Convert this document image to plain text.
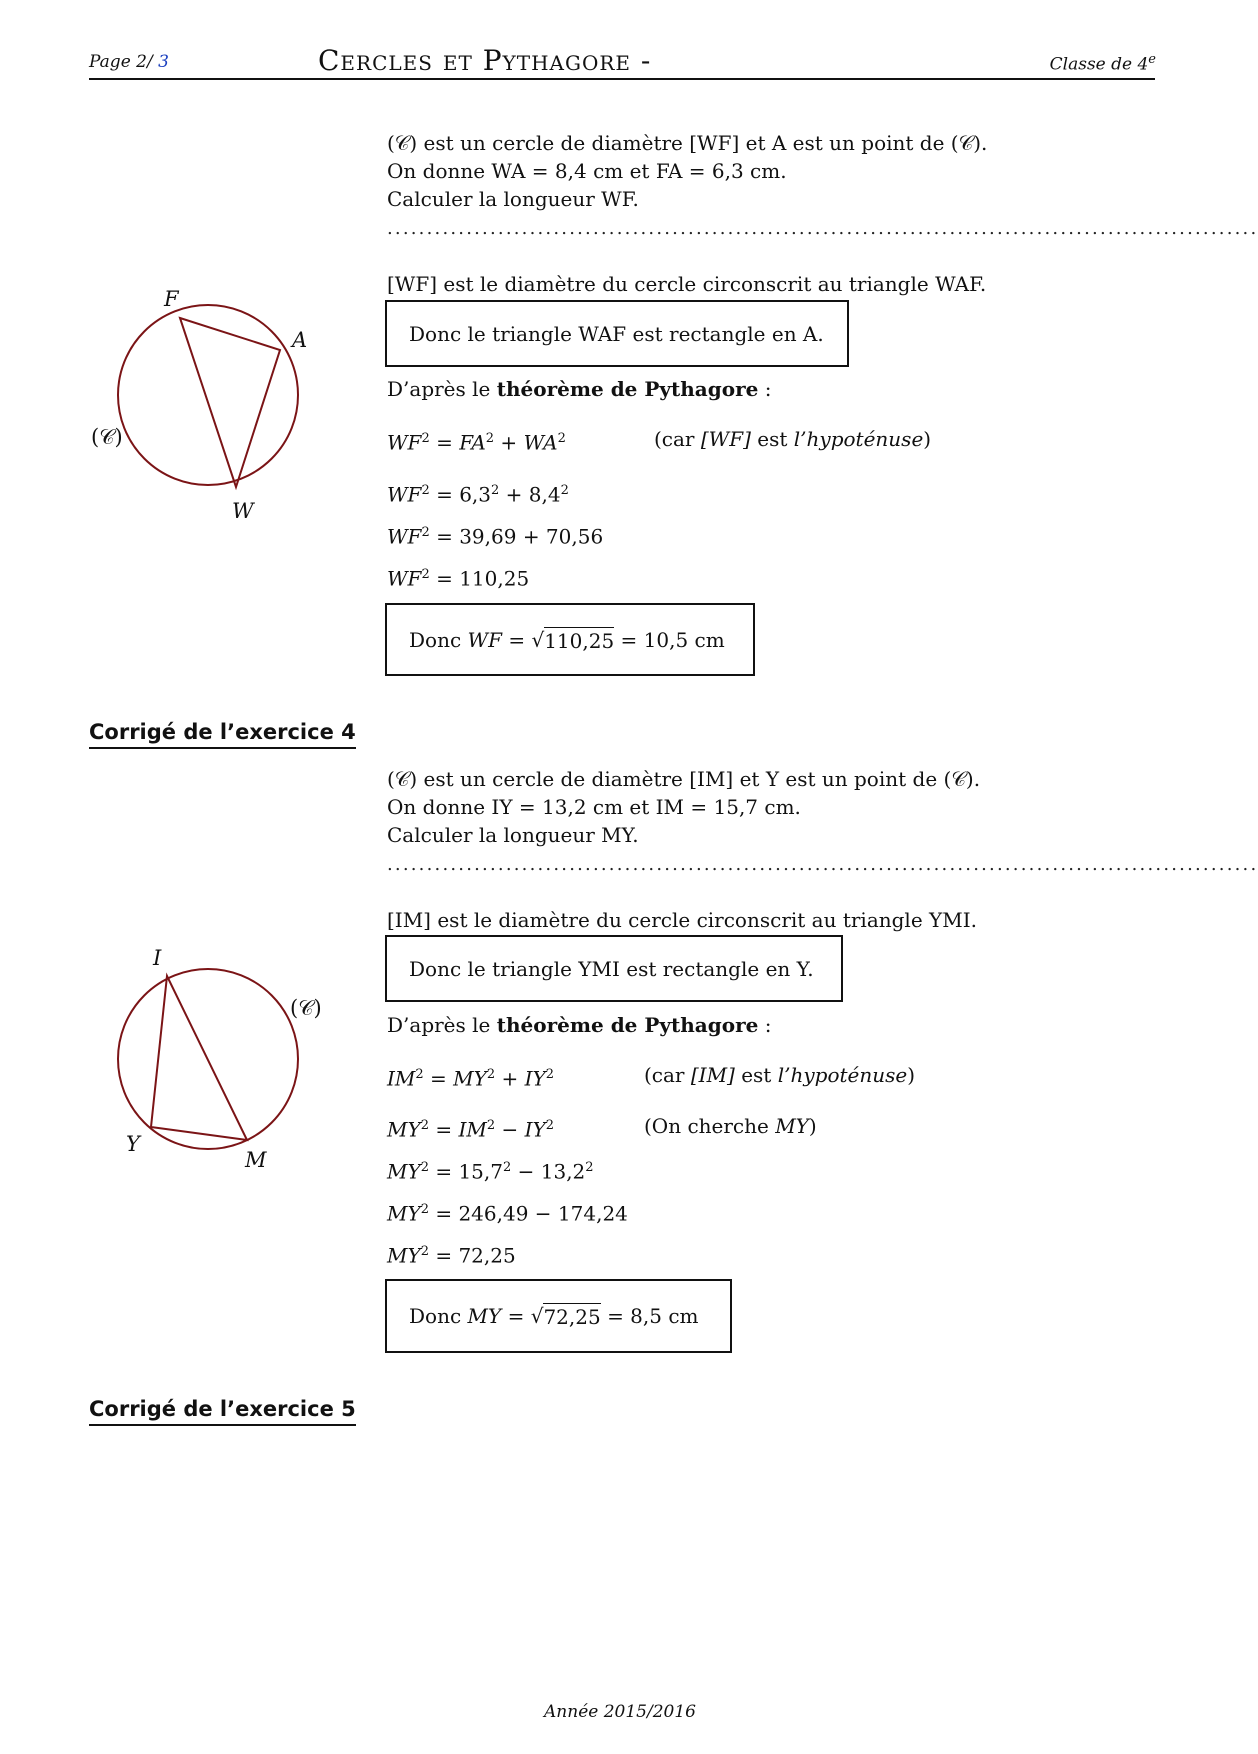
Page 2/ 3	Cercles et Pythagore -	Classe de 4e
(𝒞) est un cercle de diamètre [WF] et A est un point de (𝒞).
On donne WA = 8,4 cm et FA = 6,3 cm.
Calculer la longueur WF.
..............................................................................................................
[WF] est le diamètre du cercle circonscrit au triangle WAF.
Donc le triangle WAF est rectangle en A.
D’après le théorème de Pythagore :
$WF^2 = FA^2 + WA^2$	(car [WF] est l’hypoténuse)
$WF^2 = 6,3^2 + 8,4^2$
$WF^2 = 39,69 + 70,56$
$WF^2 = 110,25$
Donc
WF = √ 110,25
= 10,5 cm
F
A
W
(𝒞)
Corrigé de l’exercice 4
(𝒞) est un cercle de diamètre [IM] et Y est un point de (𝒞).
On donne IY = 13,2 cm et IM = 15,7 cm.
Calculer la longueur MY.
..............................................................................................................
[IM] est le diamètre du cercle circonscrit au triangle YMI.
Donc le triangle YMI est rectangle en Y.
D’après le théorème de Pythagore :
$IM^2 = MY^2 + IY^2$	(car [IM] est l’hypoténuse)
$MY^2 = IM^2 - IY^2$	(On cherche MY)
$MY^2 = 15,7^2 - 13,2^2$
$MY^2 = 246,49 - 174,24$
$MY^2 = 72,25$
Donc
MY = √ 72,25
= 8,5 cm
I
Y
M
(𝒞)
Corrigé de l’exercice 5
Année 2015/2016
